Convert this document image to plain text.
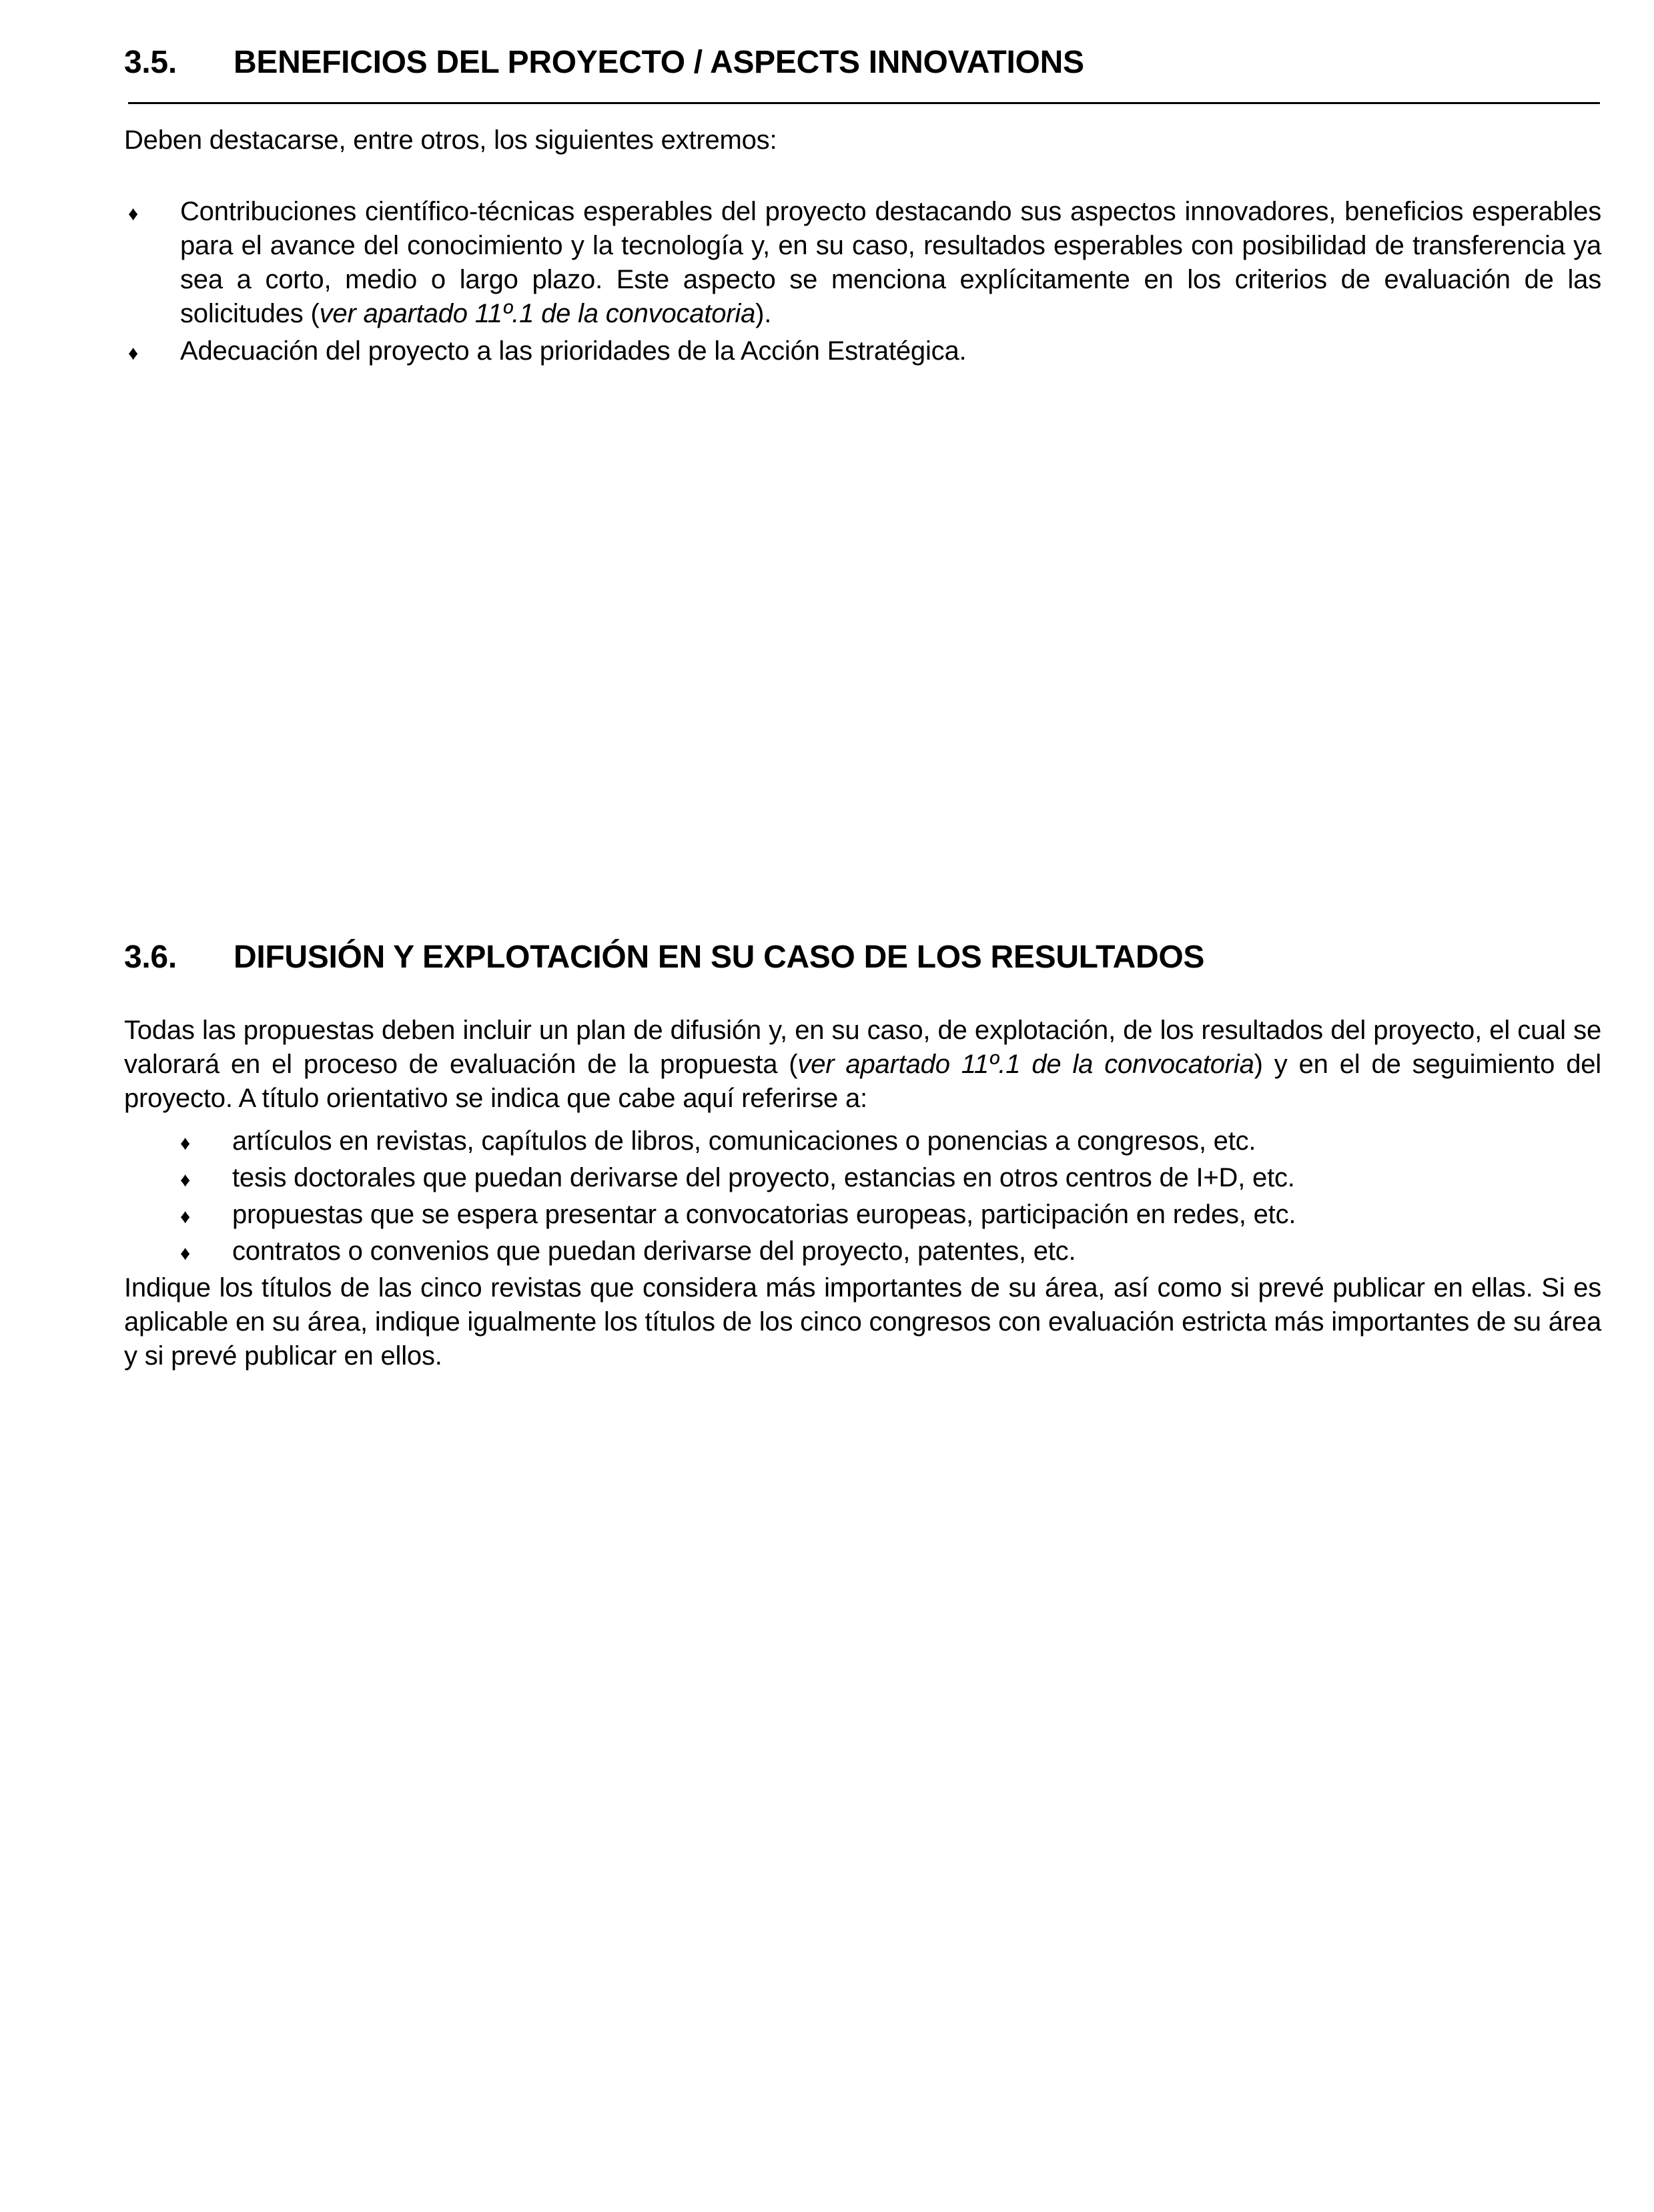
3.5. BENEFICIOS DEL PROYECTO / ASPECTS INNOVATIONS
Deben destacarse, entre otros, los siguientes extremos:
♦ Contribuciones científico-técnicas esperables del proyecto destacando sus aspectos innovadores, beneficios esperables para el avance del conocimiento y la tecnología y, en su caso, resultados esperables con posibilidad de transferencia ya sea a corto, medio o largo plazo. Este aspecto se menciona explícitamente en los criterios de evaluación de las solicitudes (ver apartado 11º.1 de la convocatoria).
♦ Adecuación del proyecto a las prioridades de la Acción Estratégica.
3.6. DIFUSIÓN Y EXPLOTACIÓN EN SU CASO DE LOS RESULTADOS
Todas las propuestas deben incluir un plan de difusión y, en su caso, de explotación, de los resultados del proyecto, el cual se valorará en el proceso de evaluación de la propuesta (ver apartado 11º.1 de la convocatoria) y en el de seguimiento del proyecto. A título orientativo se indica que cabe aquí referirse a:
♦ artículos en revistas, capítulos de libros, comunicaciones o ponencias a congresos, etc.
♦ tesis doctorales que puedan derivarse del proyecto, estancias en otros centros de I+D, etc.
♦ propuestas que se espera presentar a convocatorias europeas, participación en redes, etc.
♦ contratos o convenios que puedan derivarse del proyecto, patentes, etc.
Indique los títulos de las cinco revistas que considera más importantes de su área, así como si prevé publicar en ellas. Si es aplicable en su área, indique igualmente los títulos de los cinco congresos con evaluación estricta más importantes de su área y si prevé publicar en ellos.
